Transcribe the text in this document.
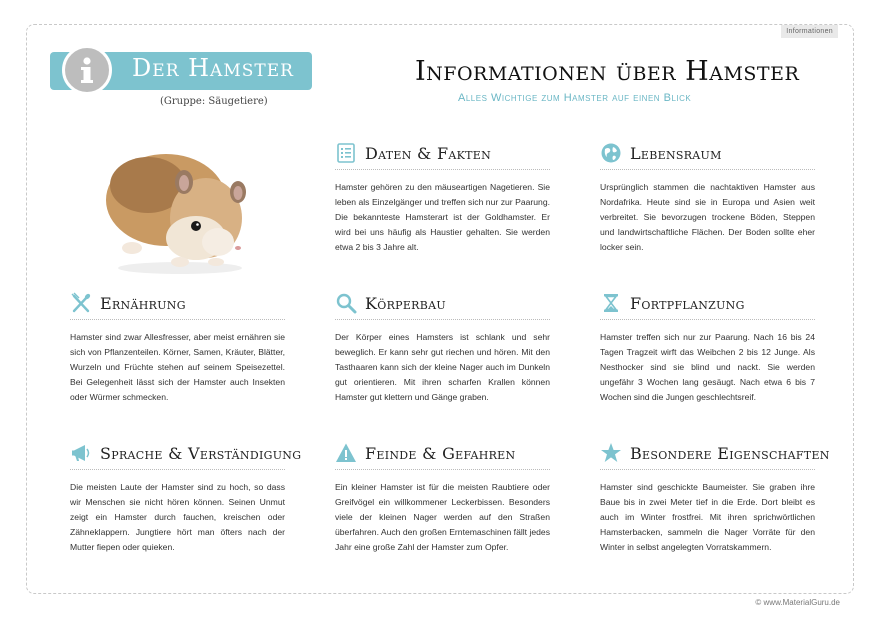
Informationen
Der Hamster
(Gruppe: Säugetiere)
Informationen über Hamster
Alles Wichtige zum Hamster auf einen Blick
Daten & Fakten
Hamster gehören zu den mäuseartigen Nagetieren. Sie leben als Einzelgänger und treffen sich nur zur Paarung. Die bekannteste Hamsterart ist der Goldhamster. Er wird bei uns häufig als Haustier gehalten. Sie werden etwa 2 bis 3 Jahre alt.
Lebensraum
Ursprünglich stammen die nachtaktiven Hamster aus Nordafrika. Heute sind sie in Europa und Asien weit verbreitet. Sie bevorzugen trockene Böden, Steppen und landwirtschaftliche Flächen. Der Boden sollte eher locker sein.
Ernährung
Hamster sind zwar Allesfresser, aber meist ernähren sie sich von Pflanzenteilen. Körner, Samen, Kräuter, Blätter, Wurzeln und Früchte stehen auf seinem Speisezettel. Bei Gelegenheit lässt sich der Hamster auch Insekten oder Würmer schmecken.
Körperbau
Der Körper eines Hamsters ist schlank und sehr beweglich. Er kann sehr gut riechen und hören. Mit den Tasthaaren kann sich der kleine Nager auch im Dunkeln gut orientieren. Mit ihren scharfen Krallen können Hamster gut klettern und Gänge graben.
Fortpflanzung
Hamster treffen sich nur zur Paarung. Nach 16 bis 24 Tagen Tragzeit wirft das Weibchen 2 bis 12 Junge. Als Nesthocker sind sie blind und nackt. Sie werden ungefähr 3 Wochen lang gesäugt. Nach etwa 6 bis 7 Wochen sind die Jungen geschlechtsreif.
Sprache & Verständigung
Die meisten Laute der Hamster sind zu hoch, so dass wir Menschen sie nicht hören können. Seinen Unmut zeigt ein Hamster durch fauchen, kreischen oder Zähneklappern. Jungtiere hört man öfters nach der Mutter fiepen oder quieken.
Feinde & Gefahren
Ein kleiner Hamster ist für die meisten Raubtiere oder Greifvögel ein willkommener Leckerbissen. Besonders viele der kleinen Nager werden auf den Straßen überfahren. Auch den großen Erntemaschinen fällt jedes Jahr eine große Zahl der Hamster zum Opfer.
Besondere Eigenschaften
Hamster sind geschickte Baumeister. Sie graben ihre Baue bis in zwei Meter tief in die Erde. Dort bleibt es auch im Winter frostfrei. Mit ihren sprichwörtlichen Hamsterbacken, sammeln die Nager Vorräte für den Winter in selbst angelegten Vorratskammern.
© www.MaterialGuru.de
